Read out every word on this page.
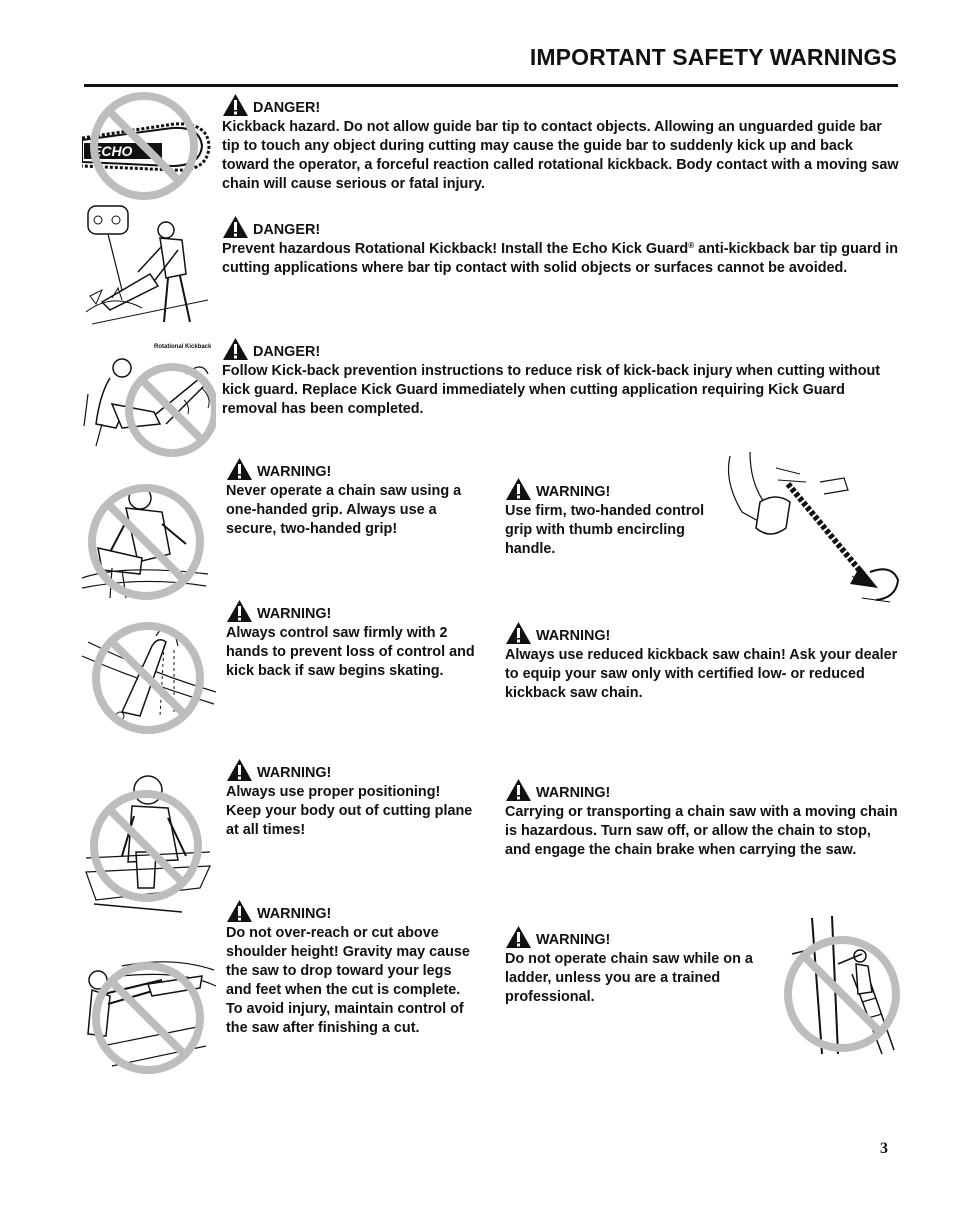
IMPORTANT SAFETY WARNINGS
ECHO
Rotational Kickback
DANGER!
Kickback hazard. Do not allow guide bar tip to contact objects. Allowing an unguarded guide bar tip to touch any object during cutting may cause the guide bar to suddenly kick up and back toward the operator, a forceful reaction called rotational kickback. Body contact with a moving saw chain will cause serious or fatal injury.
DANGER!
Prevent hazardous Rotational Kickback! Install the Echo Kick Guard® anti-kickback bar tip guard in cutting applications where bar tip contact with solid objects or surfaces cannot be avoided.
DANGER!
Follow Kick-back prevention instructions to reduce risk of kick-back injury when cutting without kick guard. Replace Kick Guard immediately when cutting application requiring Kick Guard removal has been completed.
WARNING!
Never operate a chain saw using a one-handed grip. Always use a secure, two-handed grip!
WARNING!
Use firm, two-handed control grip with thumb encircling handle.
WARNING!
Always control saw firmly with 2 hands to prevent loss of control and kick back if saw begins skating.
WARNING!
Always use reduced kickback saw chain! Ask your dealer to equip your saw only with certified low- or reduced kickback saw chain.
WARNING!
Always use proper positioning! Keep your body out of cutting plane at all times!
WARNING!
Carrying or transporting a chain saw with a moving chain is hazardous. Turn saw off, or allow the chain to stop, and engage the chain brake when carrying the saw.
WARNING!
Do not over-reach or cut above shoulder height! Gravity may cause the saw to drop toward your legs and feet when the cut is complete. To avoid injury, maintain control of the saw after finishing a cut.
WARNING!
Do not operate chain saw while on a ladder, unless you are a trained professional.
3
